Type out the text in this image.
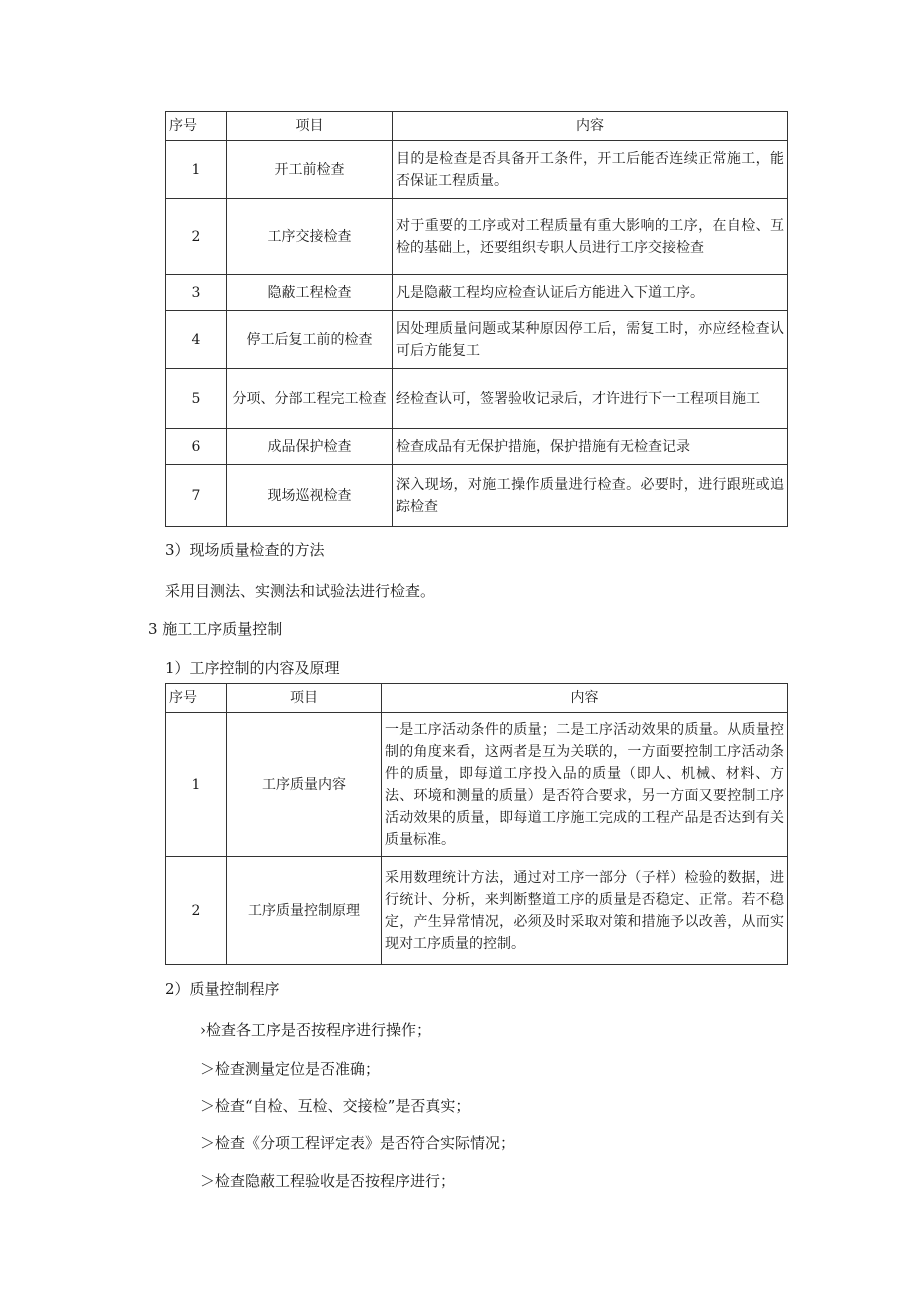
序号	项目	内容
1	开工前检查	目的是检查是否具备开工条件，开工后能否连续正常施工，能否保证工程质量。
2	工序交接检查	对于重要的工序或对工程质量有重大影响的工序，在自检、互检的基础上，还要组织专职人员进行工序交接检查
3	隐蔽工程检查	凡是隐蔽工程均应检查认证后方能进入下道工序。
4	停工后复工前的检查	因处理质量问题或某种原因停工后，需复工时，亦应经检查认可后方能复工
5	分项、分部工程完工检查	经检查认可，签署验收记录后，才许进行下一工程项目施工
6	成品保护检查	检查成品有无保护措施，保护措施有无检查记录
7	现场巡视检查	深入现场，对施工操作质量进行检查。必要时，进行跟班或追踪检查
3）现场质量检查的方法
采用目测法、实测法和试验法进行检查。
3 施工工序质量控制
1）工序控制的内容及原理
序号	项目	内容
1	工序质量内容	一是工序活动条件的质量；二是工序活动效果的质量。从质量控制的角度来看，这两者是互为关联的，一方面要控制工序活动条件的质量，即每道工序投入品的质量（即人、机械、材料、方法、环境和测量的质量）是否符合要求，另一方面又要控制工序活动效果的质量，即每道工序施工完成的工程产品是否达到有关质量标准。
2	工序质量控制原理	采用数理统计方法，通过对工序一部分（子样）检验的数据，进行统计、分析，来判断整道工序的质量是否稳定、正常。若不稳定，产生异常情况，必须及时采取对策和措施予以改善，从而实现对工序质量的控制。
2）质量控制程序
›检查各工序是否按程序进行操作；
＞检查测量定位是否准确；
＞检查“自检、互检、交接检”是否真实；
＞检查《分项工程评定表》是否符合实际情况；
＞检查隐蔽工程验收是否按程序进行；
